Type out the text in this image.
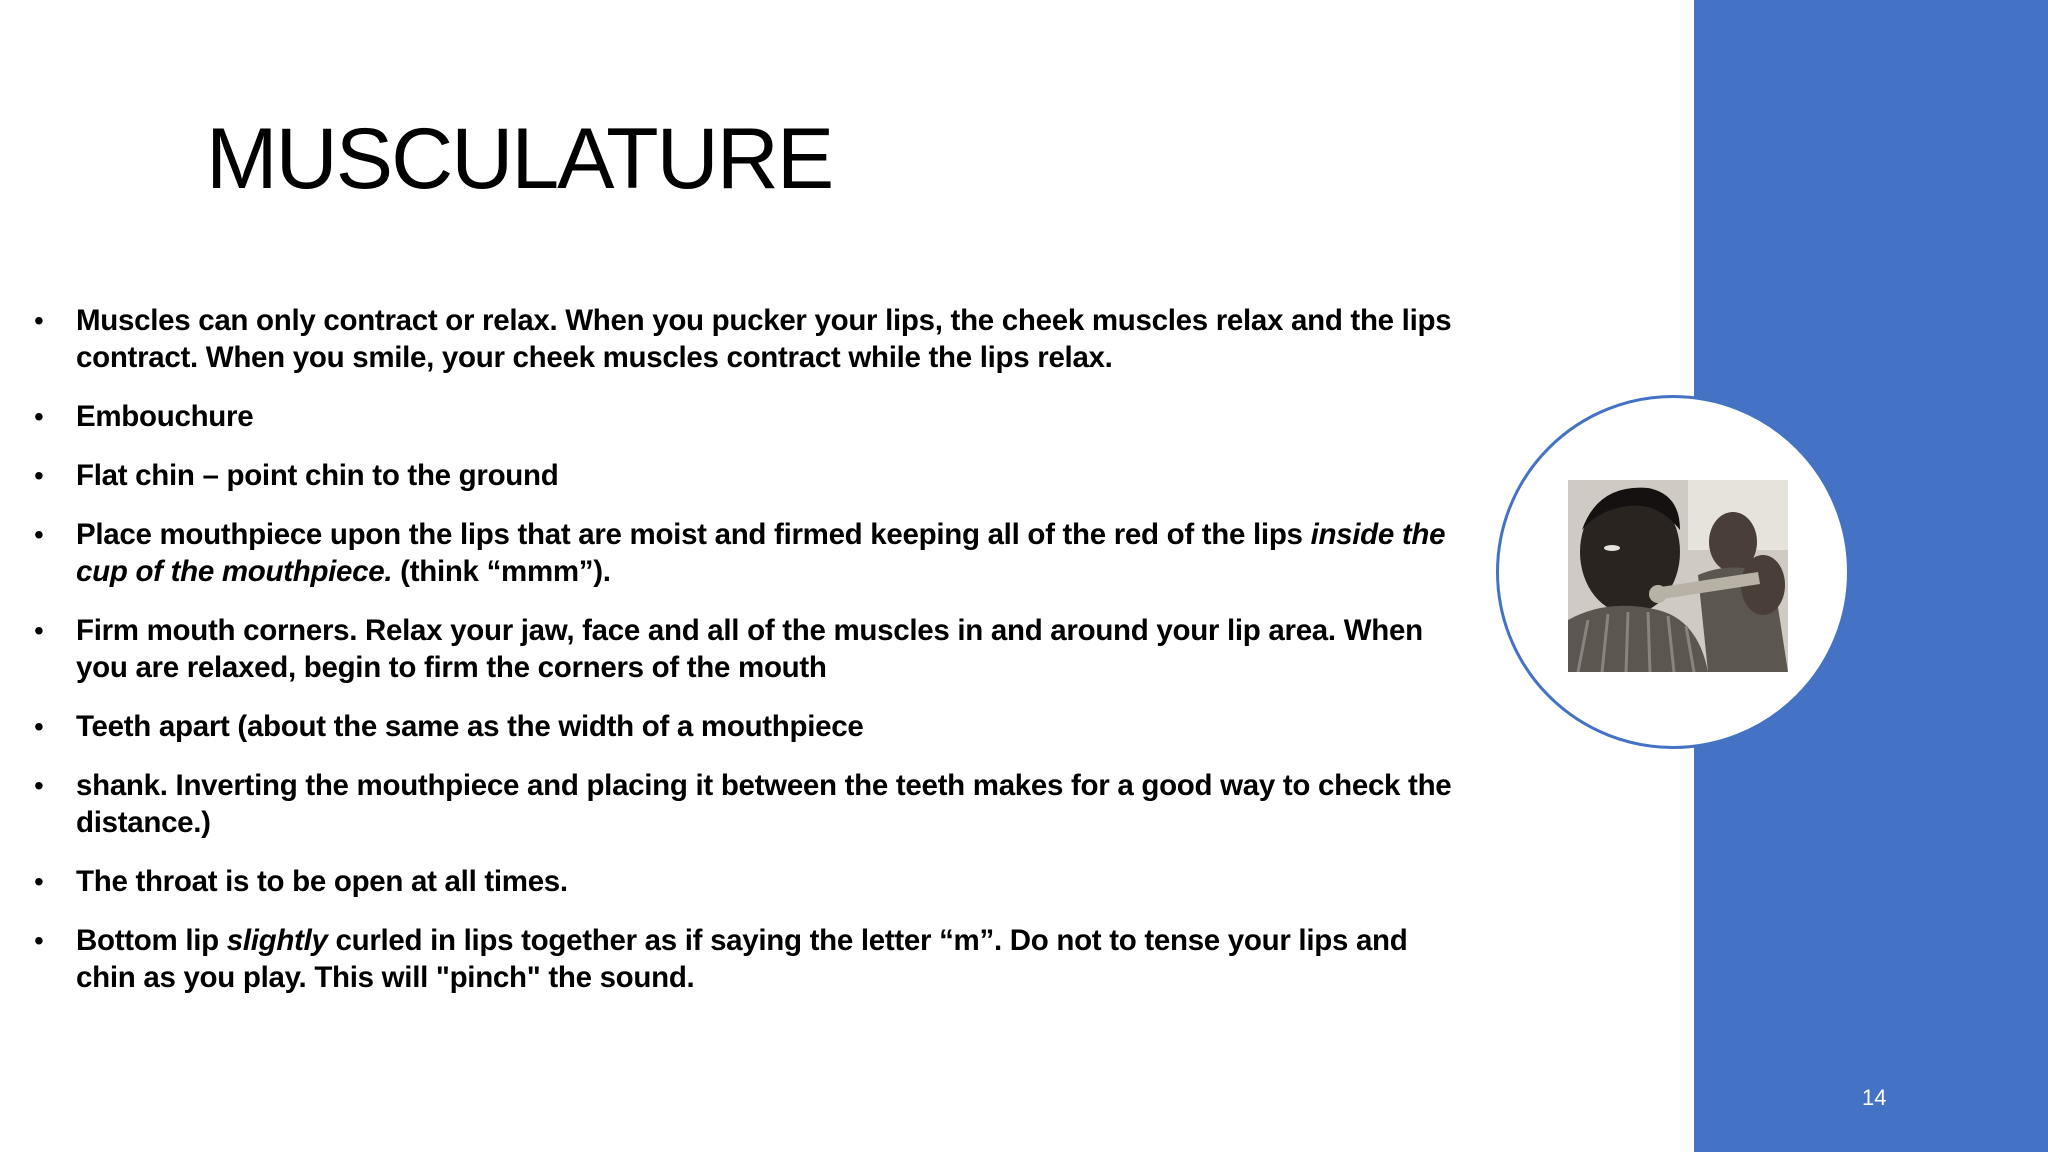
MUSCULATURE
• Muscles can only contract or relax. When you pucker your lips, the cheek muscles relax and the lips contract. When you smile, your cheek muscles contract while the lips relax.
• Embouchure
• Flat chin – point chin to the ground
• Place mouthpiece upon the lips that are moist and firmed keeping all of the red of the lips inside the cup of the mouthpiece. (think “mmm”).
• Firm mouth corners. Relax your jaw, face and all of the muscles in and around your lip area. When you are relaxed, begin to firm the corners of the mouth
• Teeth apart (about the same as the width of a mouthpiece
• shank. Inverting the mouthpiece and placing it between the teeth makes for a good way to check the distance.)
• The throat is to be open at all times.
• Bottom lip slightly curled in lips together as if saying the letter “m”. Do not to tense your lips and chin as you play. This will "pinch" the sound.
14
